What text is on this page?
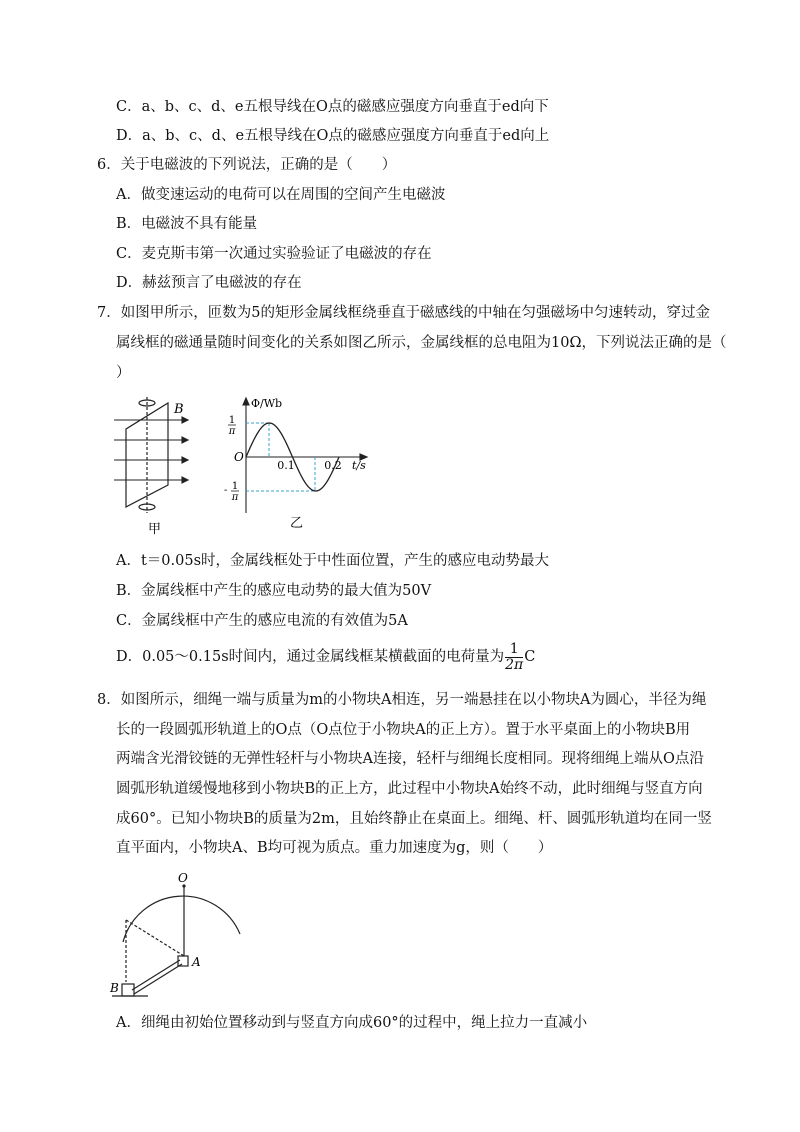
C．a、b、c、d、e五根导线在O点的磁感应强度方向垂直于ed向下
D．a、b、c、d、e五根导线在O点的磁感应强度方向垂直于ed向上
6．关于电磁波的下列说法，正确的是（　　）
A．做变速运动的电荷可以在周围的空间产生电磁波
B．电磁波不具有能量
C．麦克斯韦第一次通过实验验证了电磁波的存在
D．赫兹预言了电磁波的存在
7．如图甲所示，匝数为5的矩形金属线框绕垂直于磁感线的中轴在匀强磁场中匀速转动，穿过金
属线框的磁通量随时间变化的关系如图乙所示，金属线框的总电阻为10Ω，下列说法正确的是（
）
B
甲
Φ/Wb
1
π
O
- 1
π
0.1	0.2 t/s
乙
A．t＝0.05s时，金属线框处于中性面位置，产生的感应电动势最大
B．金属线框中产生的感应电动势的最大值为50V
C．金属线框中产生的感应电流的有效值为5A
D．0.05～0.15s时间内，通过金属线框某横截面的电荷量为 $\frac{1}{2\pi}$ C
8．如图所示，细绳一端与质量为m的小物块A相连，另一端悬挂在以小物块A为圆心，半径为绳
长的一段圆弧形轨道上的O点（O点位于小物块A的正上方）。置于水平桌面上的小物块B用
两端含光滑铰链的无弹性轻杆与小物块A连接，轻杆与细绳长度相同。现将细绳上端从O点沿
圆弧形轨道缓慢地移到小物块B的正上方，此过程中小物块A始终不动，此时细绳与竖直方向
成60°。已知小物块B的质量为2m，且始终静止在桌面上。细绳、杆、圆弧形轨道均在同一竖
直平面内，小物块A、B均可视为质点。重力加速度为g，则（　　）
O
A
B
A．细绳由初始位置移动到与竖直方向成60°的过程中，绳上拉力一直减小
